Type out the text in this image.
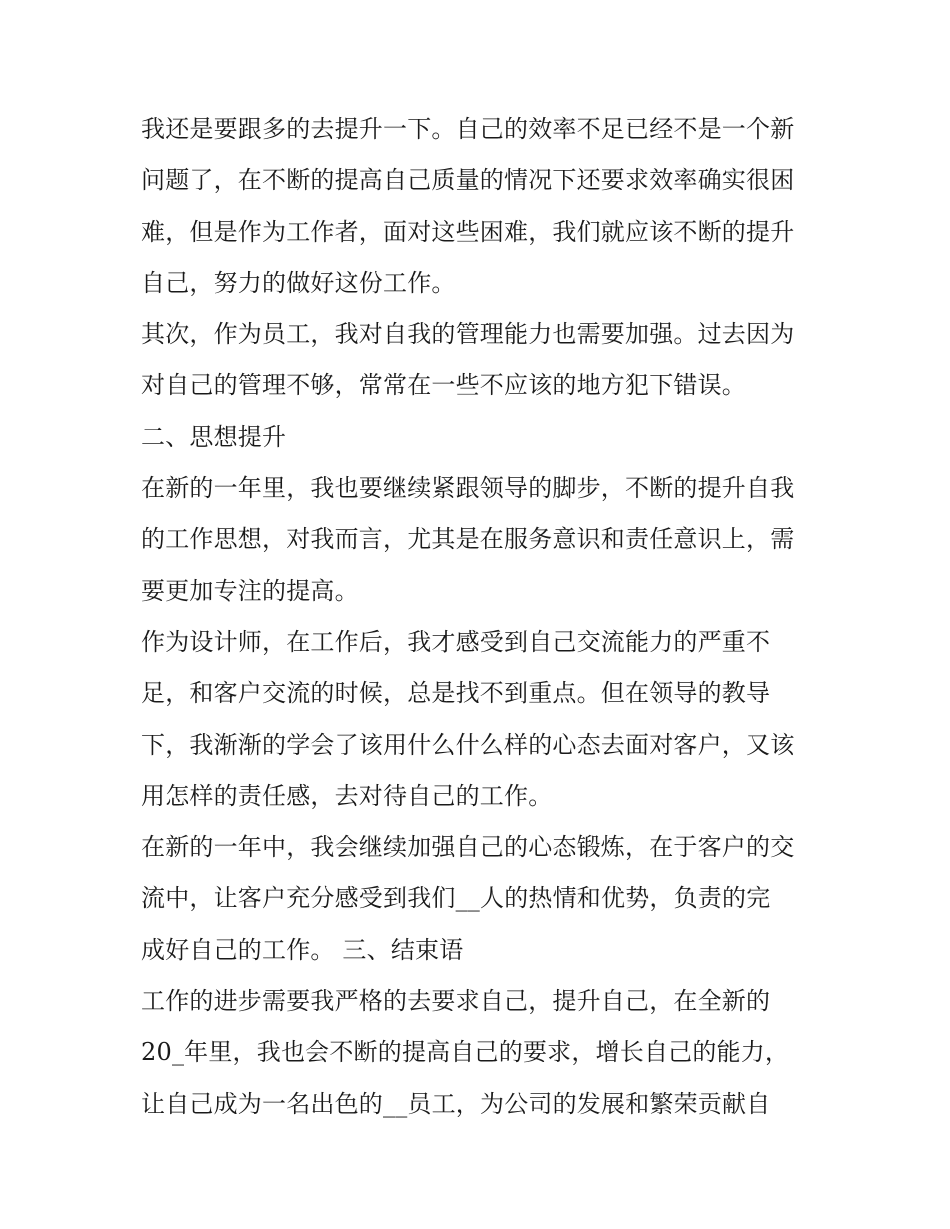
我还是要跟多的去提升一下。自己的效率不足已经不是一个新
问题了，在不断的提高自己质量的情况下还要求效率确实很困
难，但是作为工作者，面对这些困难，我们就应该不断的提升
自己，努力的做好这份工作。
其次，作为员工，我对自我的管理能力也需要加强。过去因为
对自己的管理不够，常常在一些不应该的地方犯下错误。
二、思想提升
在新的一年里，我也要继续紧跟领导的脚步，不断的提升自我
的工作思想，对我而言，尤其是在服务意识和责任意识上，需
要更加专注的提高。
作为设计师，在工作后，我才感受到自己交流能力的严重不
足，和客户交流的时候，总是找不到重点。但在领导的教导
下，我渐渐的学会了该用什么什么样的心态去面对客户，又该
用怎样的责任感，去对待自己的工作。
在新的一年中，我会继续加强自己的心态锻炼，在于客户的交
流中，让客户充分感受到我们__人的热情和优势，负责的完
成好自己的工作。 三、结束语
工作的进步需要我严格的去要求自己，提升自己，在全新的
20_年里，我也会不断的提高自己的要求，增长自己的能力，
让自己成为一名出色的__员工，为公司的发展和繁荣贡献自
